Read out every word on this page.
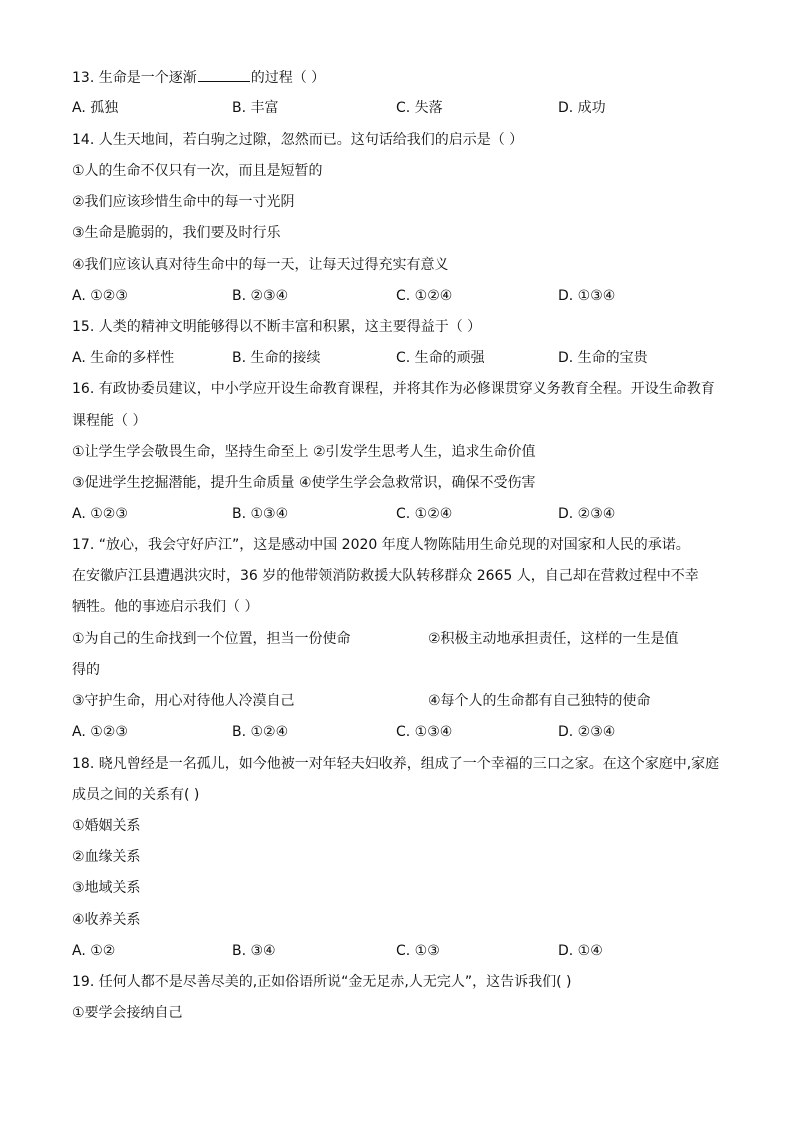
13. 生命是一个逐渐	的过程（ ）
A. 孤独	B. 丰富	C. 失落	D. 成功
14. 人生天地间，若白驹之过隙，忽然而已。这句话给我们的启示是（ ）
①人的生命不仅只有一次，而且是短暂的
②我们应该珍惜生命中的每一寸光阴
③生命是脆弱的，我们要及时行乐
④我们应该认真对待生命中的每一天，让每天过得充实有意义
A. ①②③	B. ②③④	C. ①②④	D. ①③④
15. 人类的精神文明能够得以不断丰富和积累，这主要得益于（ ）
A. 生命的多样性	B. 生命的接续	C. 生命的顽强	D. 生命的宝贵
16. 有政协委员建议，中小学应开设生命教育课程，并将其作为必修课贯穿义务教育全程。开设生命教育
课程能（ ）
①让学生学会敬畏生命，坚持生命至上 ②引发学生思考人生，追求生命价值
③促进学生挖掘潜能，提升生命质量 ④使学生学会急救常识，确保不受伤害
A. ①②③	B. ①③④	C. ①②④	D. ②③④
17. “放心，我会守好庐江”，这是感动中国 2020 年度人物陈陆用生命兑现的对国家和人民的承诺。
在安徽庐江县遭遇洪灾时，36 岁的他带领消防救援大队转移群众 2665 人，自己却在营救过程中不幸
牺牲。他的事迹启示我们（ ）
①为自己的生命找到一个位置，担当一份使命	②积极主动地承担责任，这样的一生是值
得的
③守护生命，用心对待他人冷漠自己	④每个人的生命都有自己独特的使命
A. ①②③	B. ①②④	C. ①③④	D. ②③④
18. 晓凡曾经是一名孤儿，如今他被一对年轻夫妇收养，组成了一个幸福的三口之家。在这个家庭中,家庭
成员之间的关系有( )
①婚姻关系
②血缘关系
③地域关系
④收养关系
A. ①②	B. ③④	C. ①③	D. ①④
19. 任何人都不是尽善尽美的,正如俗语所说“金无足赤,人无完人”，这告诉我们( )
①要学会接纳自己
